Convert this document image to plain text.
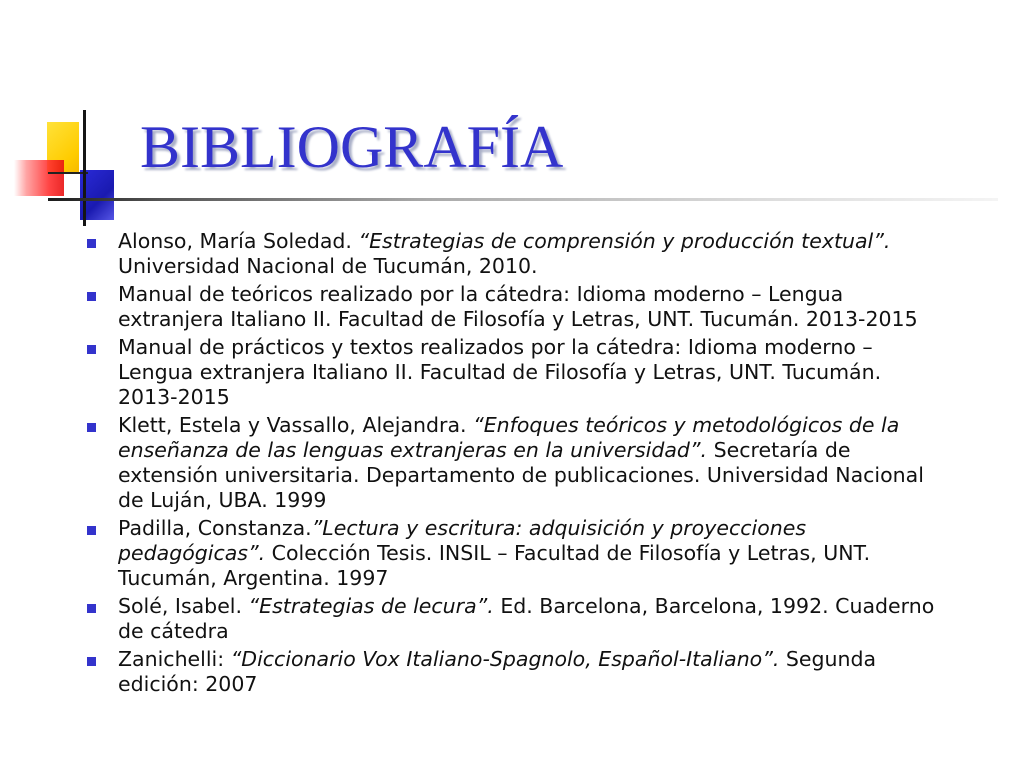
BIBLIOGRAFÍA
Alonso, María Soledad. “Estrategias de comprensión y producción textual”. Universidad Nacional de Tucumán, 2010.
Manual de teóricos realizado por la cátedra: Idioma moderno – Lengua extranjera Italiano II. Facultad de Filosofía y Letras, UNT. Tucumán. 2013-2015
Manual de prácticos y textos realizados por la cátedra: Idioma moderno – Lengua extranjera Italiano II. Facultad de Filosofía y Letras, UNT. Tucumán. 2013-2015
Klett, Estela y Vassallo, Alejandra. “Enfoques teóricos y metodológicos de la enseñanza de las lenguas extranjeras en la universidad”. Secretaría de extensión universitaria. Departamento de publicaciones. Universidad Nacional de Luján, UBA. 1999
Padilla, Constanza.”Lectura y escritura: adquisición y proyecciones pedagógicas”. Colección Tesis. INSIL – Facultad de Filosofía y Letras, UNT. Tucumán, Argentina. 1997
Solé, Isabel. “Estrategias de lecura”. Ed. Barcelona, Barcelona, 1992. Cuaderno de cátedra
Zanichelli: “Diccionario Vox Italiano-Spagnolo, Español-Italiano”. Segunda edición: 2007
